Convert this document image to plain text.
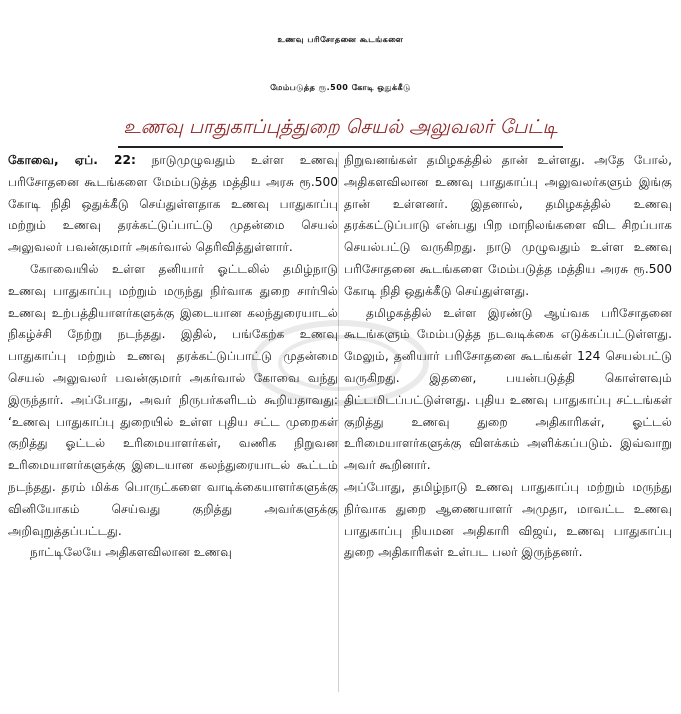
உணவு பரிசோதனை கூடங்களை
மேம்படுத்த ரூ.500 கோடி ஒதுக்கீடு
உணவு பாதுகாப்புத்துறை செயல் அலுவலர் பேட்டி

கோவை, ஏப். 22: நாடுமுழுவதும் உள்ள உணவு பரிசோதனை கூடங்களை மேம்படுத்த மத்திய அரசு ரூ.500 கோடி நிதி ஒதுக்கீடு செய்துள்ளதாக உணவு பாதுகாப்பு மற்றும் உணவு தரக்கட்டுப்பாட்டு முதன்மை செயல் அலுவலர் பவன்குமார் அகர்வால் தெரிவித்துள்ளார்.

கோவையில் உள்ள தனியார் ஓட்டலில் தமிழ்நாடு உணவு பாதுகாப்பு மற்றும் மருந்து நிர்வாக துறை சார்பில் உணவு உற்பத்தியாளர்களுக்கு இடையான கலந்துரையாடல் நிகழ்ச்சி நேற்று நடந்தது. இதில், பங்கேற்க உணவு பாதுகாப்பு மற்றும் உணவு தரக்கட்டுப்பாட்டு முதன்மை செயல் அலுவலர் பவன்குமார் அகர்வால் கோவை வந்து இருந்தார். அப்போது, அவர் நிருபர்களிடம் கூறியதாவது: ‘உணவு பாதுகாப்பு துறையில் உள்ள புதிய சட்ட முறைகள் குறித்து ஓட்டல் உரிமையாளர்கள், வணிக நிறுவன உரிமையாளர்களுக்கு இடையான கலந்துரையாடல் கூட்டம் நடந்தது. தரம் மிக்க பொருட்களை வாடிக்கையாளர்களுக்கு வினியோகம் செய்வது குறித்து அவர்களுக்கு அறிவுறுத்தப்பட்டது.

நாட்டிலேயே அதிகளவிலான உணவு

நிறுவனங்கள் தமிழகத்தில் தான் உள்ளது. அதே போல், அதிகளவிலான உணவு பாதுகாப்பு அலுவலர்களும் இங்கு தான் உள்ளனர். இதனால், தமிழகத்தில் உணவு தரக்கட்டுப்பாடு என்பது பிற மாநிலங்களை விட சிறப்பாக செயல்பட்டு வருகிறது. நாடு முழுவதும் உள்ள உணவு பரிசோதனை கூடங்களை மேம்படுத்த மத்திய அரசு ரூ.500 கோடி நிதி ஒதுக்கீடு செய்துள்ளது.

தமிழகத்தில் உள்ள இரண்டு ஆய்வக பரிசோதனை கூடங்களும் மேம்படுத்த நடவடிக்கை எடுக்கப்பட்டுள்ளது. மேலும், தனியார் பரிசோதனை கூடங்கள் 124 செயல்பட்டு வருகிறது. இதனை, பயன்படுத்தி கொள்ளவும் திட்டமிடப்பட்டுள்ளது. புதிய உணவு பாதுகாப்பு சட்டங்கள் குறித்து உணவு துறை அதிகாரிகள், ஓட்டல் உரிமையாளர்களுக்கு விளக்கம் அளிக்கப்படும். இவ்வாறு அவர் கூறினார்.

அப்போது, தமிழ்நாடு உணவு பாதுகாப்பு மற்றும் மருந்து நிர்வாக துறை ஆணையாளர் அமுதா, மாவட்ட உணவு பாதுகாப்பு நியமன அதிகாரி விஜய், உணவு பாதுகாப்பு துறை அதிகாரிகள் உள்பட பலர் இருந்தனர்.
